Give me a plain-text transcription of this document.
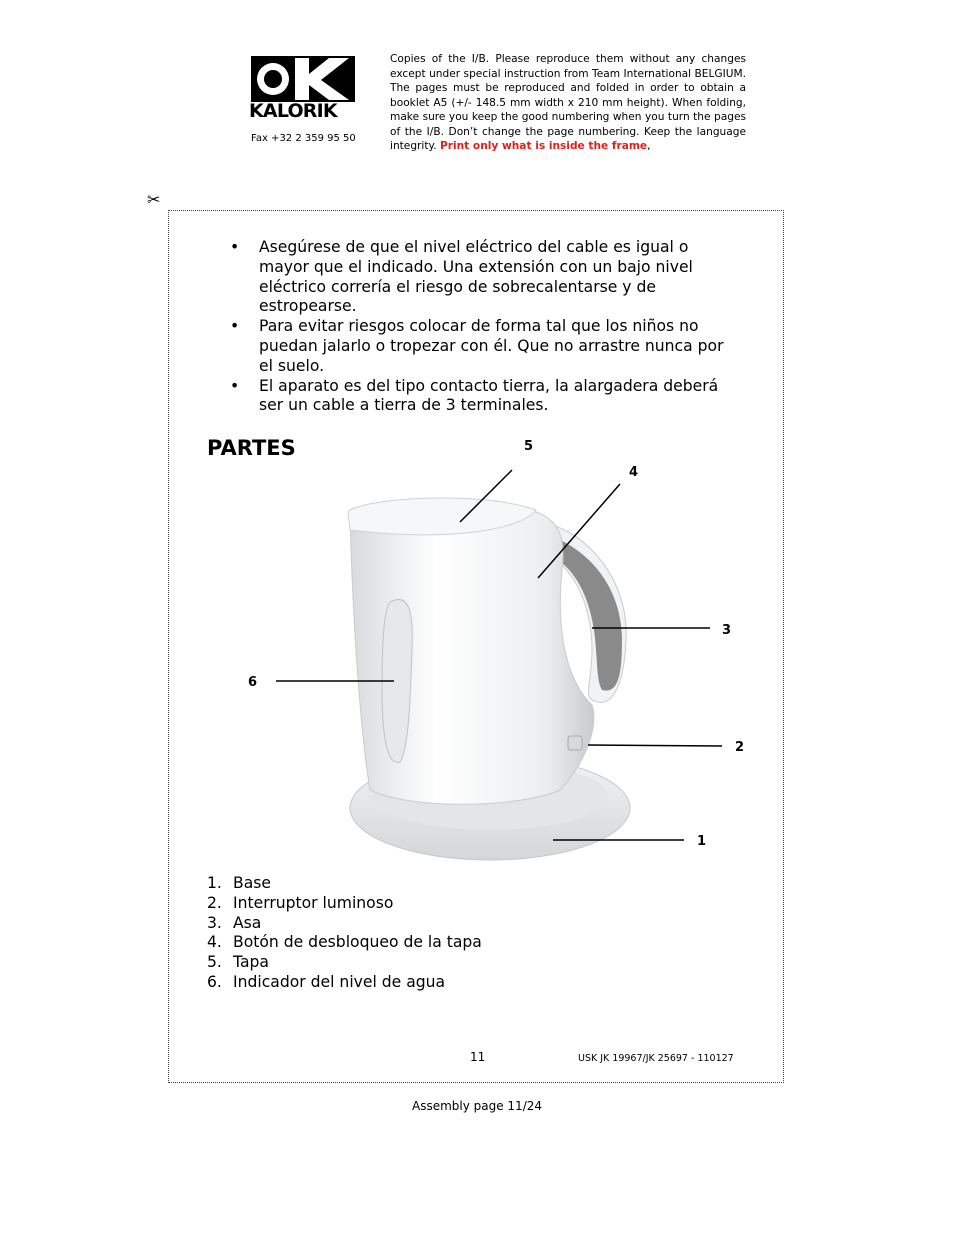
KALORIK
Fax +32 2 359 95 50
Copies of the I/B. Please reproduce them without any changes except under special instruction from Team International BELGIUM. The pages must be reproduced and folded in order to obtain a booklet A5 (+/- 148.5 mm width x 210 mm height). When folding, make sure you keep the good numbering when you turn the pages of the I/B. Don’t change the page numbering. Keep the language integrity. Print only what is inside the frame,
✂
• Asegúrese de que el nivel eléctrico del cable es igual o mayor que el indicado. Una extensión con un bajo nivel eléctrico correría el riesgo de sobrecalentarse y de estropearse.
• Para evitar riesgos colocar de forma tal que los niños no puedan jalarlo o tropezar con él. Que no arrastre nunca por el suelo.
• El aparato es del tipo contacto tierra, la alargadera deberá ser un cable a tierra de 3 terminales.
PARTES	5
4
3
6
2
1
1. Base
2. Interruptor luminoso
3. Asa
4. Botón de desbloqueo de la tapa
5. Tapa
6. Indicador del nivel de agua
11	USK JK 19967/JK 25697 - 110127
Assembly page 11/24
